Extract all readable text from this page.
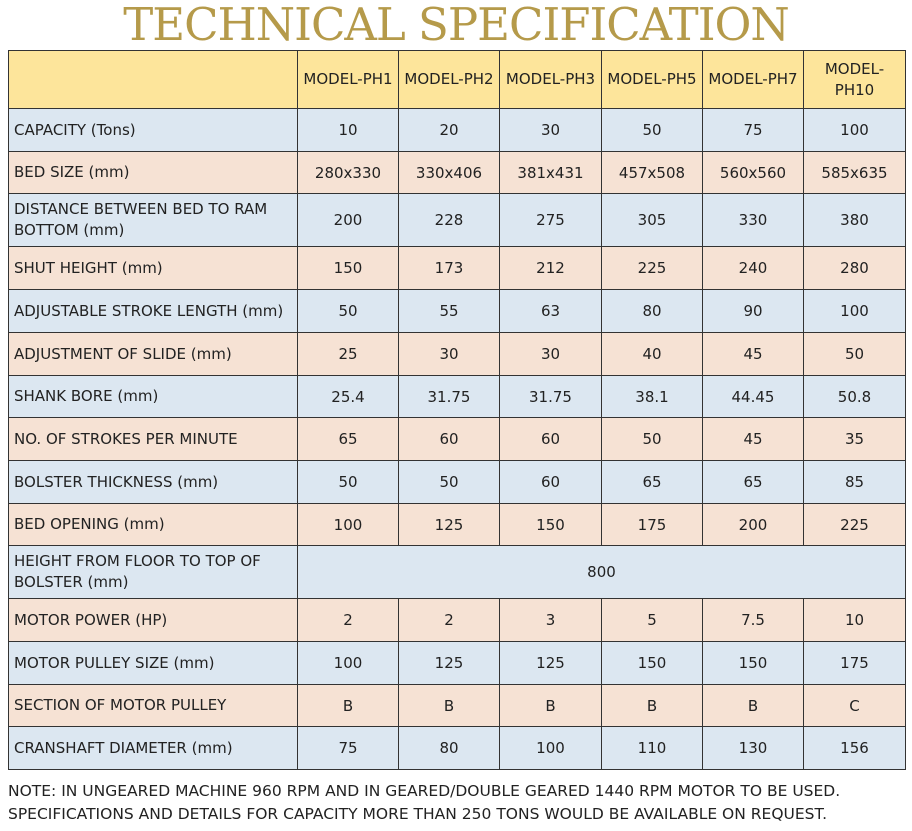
TECHNICAL SPECIFICATION
	MODEL-PH1	MODEL-PH2	MODEL-PH3	MODEL-PH5	MODEL-PH7	MODEL-PH10
CAPACITY (Tons)	10	20	30	50	75	100
BED SIZE (mm)	280x330	330x406	381x431	457x508	560x560	585x635
DISTANCE BETWEEN BED TO RAM BOTTOM (mm)	200	228	275	305	330	380
SHUT HEIGHT (mm)	150	173	212	225	240	280
ADJUSTABLE STROKE LENGTH (mm)	50	55	63	80	90	100
ADJUSTMENT OF SLIDE (mm)	25	30	30	40	45	50
SHANK BORE (mm)	25.4	31.75	31.75	38.1	44.45	50.8
NO. OF STROKES PER MINUTE	65	60	60	50	45	35
BOLSTER THICKNESS (mm)	50	50	60	65	65	85
BED OPENING (mm)	100	125	150	175	200	225
HEIGHT FROM FLOOR TO TOP OF BOLSTER (mm)	800					
MOTOR POWER (HP)	2	2	3	5	7.5	10
MOTOR PULLEY SIZE (mm)	100	125	125	150	150	175
SECTION OF MOTOR PULLEY	B	B	B	B	B	C
CRANSHAFT DIAMETER (mm)	75	80	100	110	130	156
NOTE: IN UNGEARED MACHINE 960 RPM AND IN GEARED/DOUBLE GEARED 1440 RPM MOTOR TO BE USED.
SPECIFICATIONS AND DETAILS FOR CAPACITY MORE THAN 250 TONS WOULD BE AVAILABLE ON REQUEST.
